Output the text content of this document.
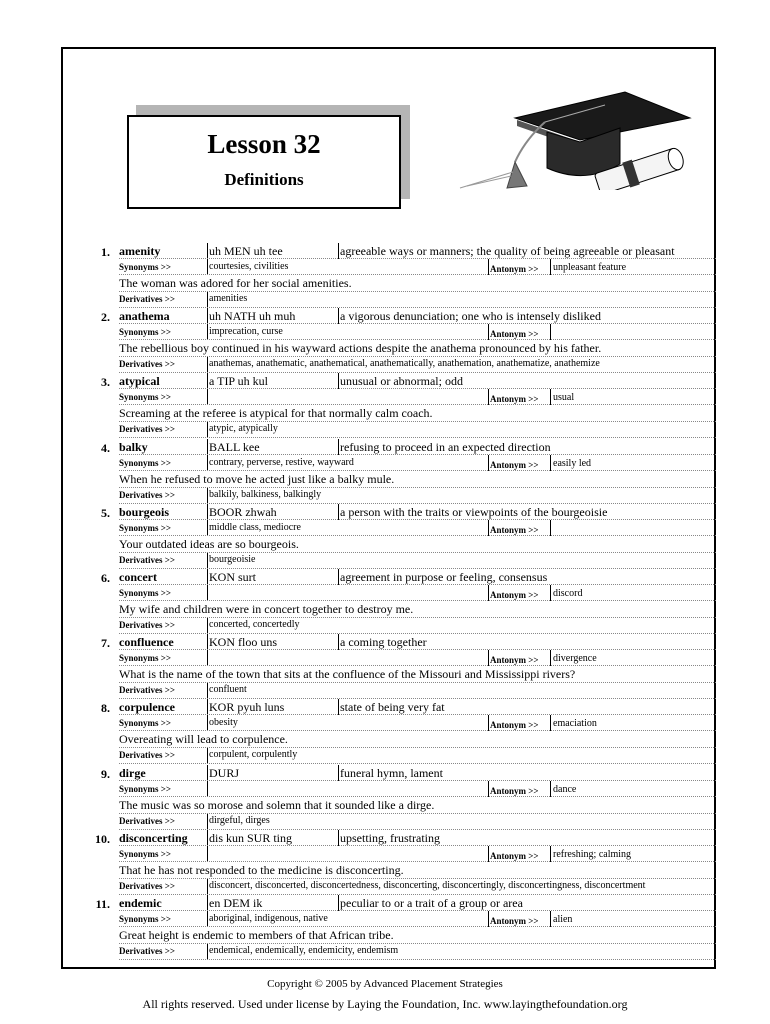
Lesson 32
Definitions
1. amenity	uh MEN uh tee	agreeable ways or manners; the quality of being agreeable or pleasant
Synonyms >>	courtesies, civilities	Antonym >> unpleasant feature
The woman was adored for her social amenities.
Derivatives >>	amenities
2. anathema	uh NATH uh muh	a vigorous denunciation; one who is intensely disliked
Synonyms >>	imprecation, curse	Antonym >>
The rebellious boy continued in his wayward actions despite the anathema pronounced by his father.
Derivatives >>	anathemas, anathematic, anathematical, anathematically, anathemation, anathematize, anathemize
3. atypical	a TIP uh kul	unusual or abnormal; odd
Synonyms >>	Antonym >> usual
Screaming at the referee is atypical for that normally calm coach.
Derivatives >>	atypic, atypically
4. balky	BALL kee	refusing to proceed in an expected direction
Synonyms >>	contrary, perverse, restive, wayward	Antonym >> easily led
When he refused to move he acted just like a balky mule.
Derivatives >>	balkily, balkiness, balkingly
5. bourgeois	BOOR zhwah	a person with the traits or viewpoints of the bourgeoisie
Synonyms >>	middle class, mediocre	Antonym >>
Your outdated ideas are so bourgeois.
Derivatives >>	bourgeoisie
6. concert	KON surt	agreement in purpose or feeling, consensus
Synonyms >>	Antonym >> discord
My wife and children were in concert together to destroy me.
Derivatives >>	concerted, concertedly
7. confluence	KON floo uns	a coming together
Synonyms >>	Antonym >> divergence
What is the name of the town that sits at the confluence of the Missouri and Mississippi rivers?
Derivatives >>	confluent
8. corpulence	KOR pyuh luns	state of being very fat
Synonyms >>	obesity	Antonym >> emaciation
Overeating will lead to corpulence.
Derivatives >>	corpulent, corpulently
9. dirge	DURJ	funeral hymn, lament
Synonyms >>	Antonym >> dance
The music was so morose and solemn that it sounded like a dirge.
Derivatives >>	dirgeful, dirges
10. disconcerting	dis kun SUR ting	upsetting, frustrating
Synonyms >>	Antonym >> refreshing; calming
That he has not responded to the medicine is disconcerting.
Derivatives >>	disconcert, disconcerted, disconcertedness, disconcerting, disconcertingly, disconcertingness, disconcertment
11. endemic	en DEM ik	peculiar to or a trait of a group or area
Synonyms >>	aboriginal, indigenous, native	Antonym >> alien
Great height is endemic to members of that African tribe.
Derivatives >>	endemical, endemically, endemicity, endemism
Copyright © 2005 by Advanced Placement Strategies
All rights reserved. Used under license by Laying the Foundation, Inc. www.layingthefoundation.org
